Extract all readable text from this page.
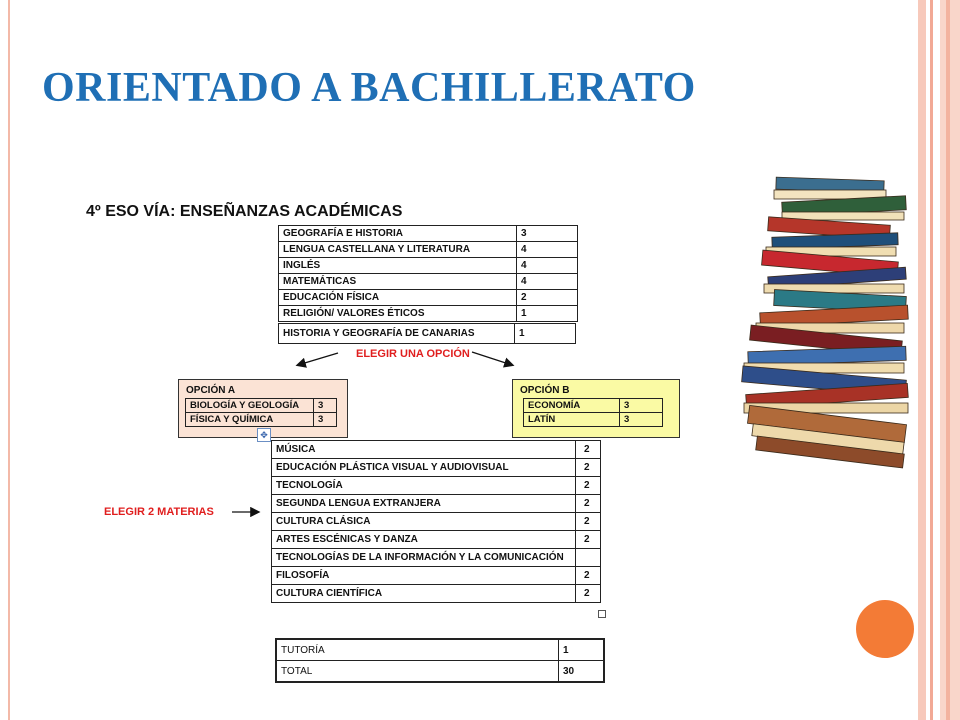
ORIENTADO A BACHILLERATO
4º ESO VÍA: ENSEÑANZAS ACADÉMICAS
GEOGRAFÍA E HISTORIA	3
LENGUA CASTELLANA Y LITERATURA	4
INGLÉS	4
MATEMÁTICAS	4
EDUCACIÓN FÍSICA	2
RELIGIÓN/ VALORES ÉTICOS	1
HISTORIA Y GEOGRAFÍA DE CANARIAS	1
ELEGIR UNA OPCIÓN
OPCIÓN A
BIOLOGÍA Y GEOLOGÍA	3
FÍSICA Y QUÍMICA	3
OPCIÓN B
ECONOMÍA	3
LATÍN	3
✥
ELEGIR 2 MATERIAS
MÚSICA	2
EDUCACIÓN PLÁSTICA VISUAL Y AUDIOVISUAL	2
TECNOLOGÍA	2
SEGUNDA LENGUA EXTRANJERA	2
CULTURA CLÁSICA	2
ARTES ESCÉNICAS Y DANZA	2
TECNOLOGÍAS DE LA INFORMACIÓN Y LA COMUNICACIÓN	
FILOSOFÍA	2
CULTURA CIENTÍFICA	2
TUTORÍA	1
TOTAL	30
